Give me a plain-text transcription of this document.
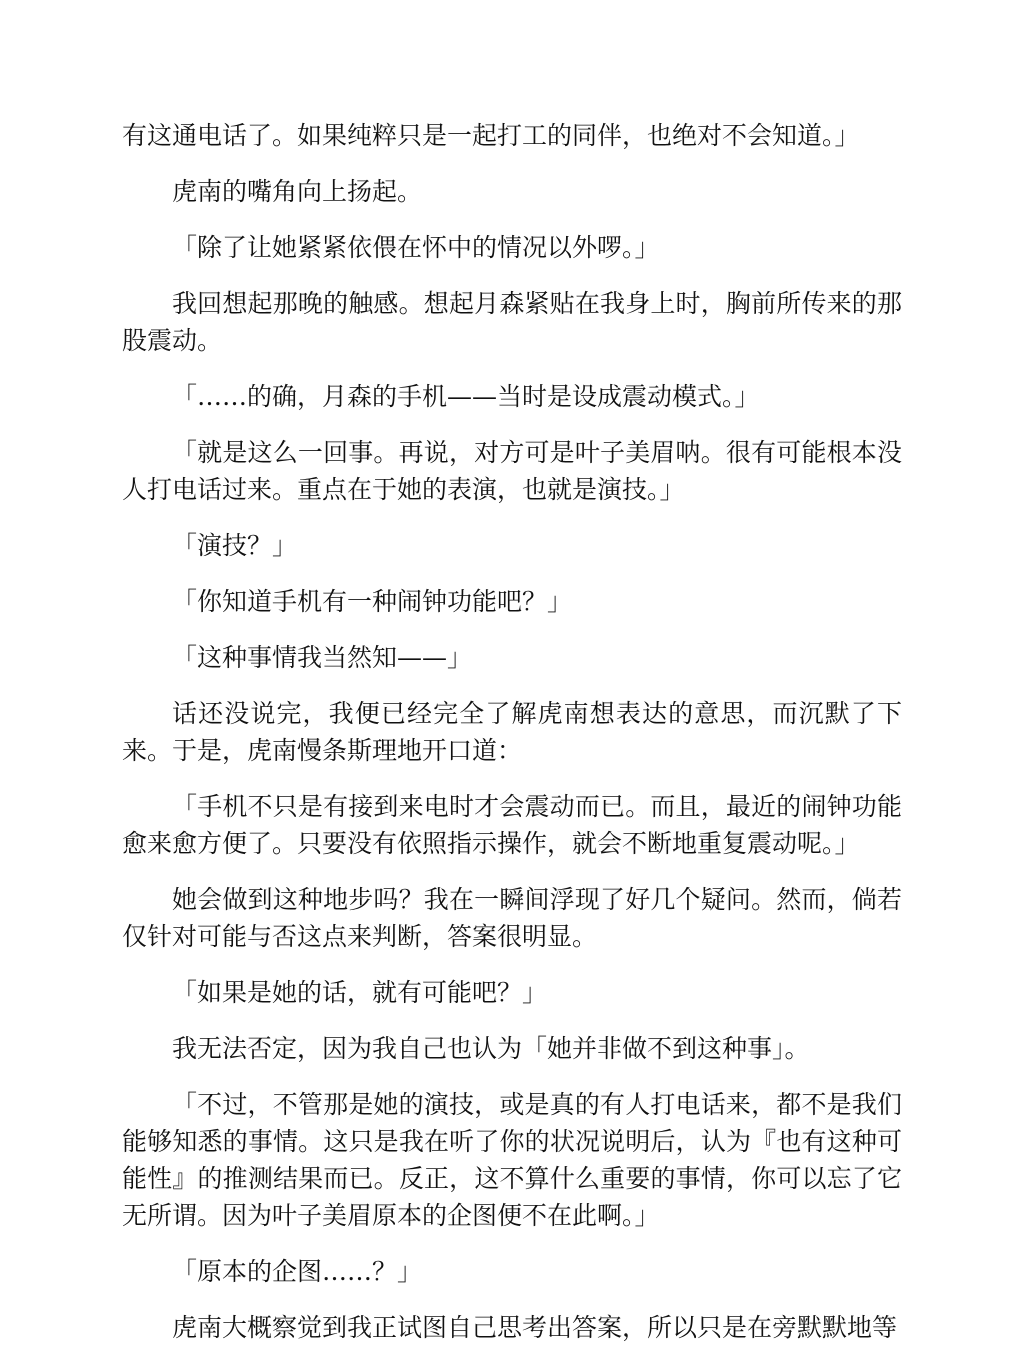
有这通电话了。如果纯粹只是一起打工的同伴，也绝对不会知道。」

虎南的嘴角向上扬起。

「除了让她紧紧依偎在怀中的情况以外啰。」

我回想起那晚的触感。想起月森紧贴在我身上时，胸前所传来的那股震动。

「……的确，月森的手机——当时是设成震动模式。」

「就是这么一回事。再说，对方可是叶子美眉呐。很有可能根本没人打电话过来。重点在于她的表演，也就是演技。」

「演技？」

「你知道手机有一种闹钟功能吧？」

「这种事情我当然知——」

话还没说完，我便已经完全了解虎南想表达的意思，而沉默了下来。于是，虎南慢条斯理地开口道：

「手机不只是有接到来电时才会震动而已。而且，最近的闹钟功能愈来愈方便了。只要没有依照指示操作，就会不断地重复震动呢。」

她会做到这种地步吗？我在一瞬间浮现了好几个疑问。然而，倘若仅针对可能与否这点来判断，答案很明显。

「如果是她的话，就有可能吧？」

我无法否定，因为我自己也认为「她并非做不到这种事」。

「不过，不管那是她的演技，或是真的有人打电话来，都不是我们能够知悉的事情。这只是我在听了你的状况说明后，认为『也有这种可能性』的推测结果而已。反正，这不算什么重要的事情，你可以忘了它无所谓。因为叶子美眉原本的企图便不在此啊。」

「原本的企图……？」

虎南大概察觉到我正试图自己思考出答案，所以只是在旁默默地等
